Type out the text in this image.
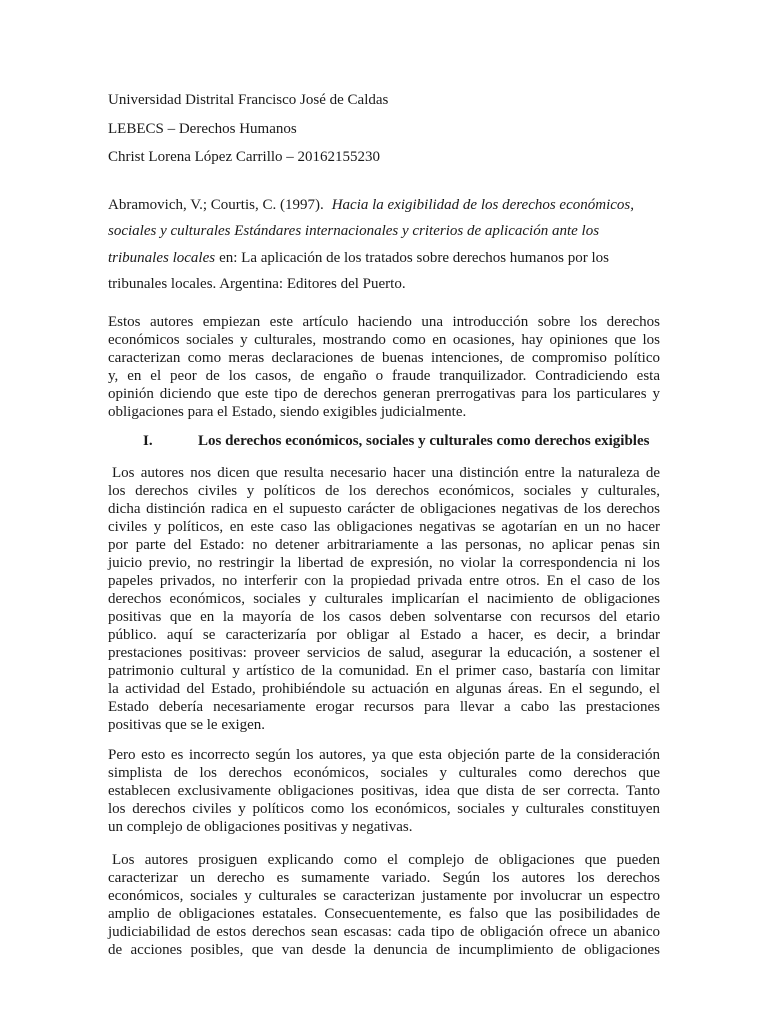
Universidad Distrital Francisco José de Caldas
LEBECS – Derechos Humanos
Christ Lorena López Carrillo – 20162155230
Abramovich, V.; Courtis, C. (1997). Hacia la exigibilidad de los derechos económicos,
sociales y culturales Estándares internacionales y criterios de aplicación ante los
tribunales locales en: La aplicación de los tratados sobre derechos humanos por los
tribunales locales. Argentina: Editores del Puerto.
Estos autores empiezan este artículo haciendo una introducción sobre los derechos
económicos sociales y culturales, mostrando como en ocasiones, hay opiniones que los
caracterizan como meras declaraciones de buenas intenciones, de compromiso político
y, en el peor de los casos, de engaño o fraude tranquilizador. Contradiciendo esta
opinión diciendo que este tipo de derechos generan prerrogativas para los particulares y
obligaciones para el Estado, siendo exigibles judicialmente.
I.	Los derechos económicos, sociales y culturales como derechos exigibles
Los autores nos dicen que resulta necesario hacer una distinción entre la naturaleza de
los derechos civiles y políticos de los derechos económicos, sociales y culturales,
dicha distinción radica en el supuesto carácter de obligaciones negativas de los derechos
civiles y políticos, en este caso las obligaciones negativas se agotarían en un no hacer
por parte del Estado: no detener arbitrariamente a las personas, no aplicar penas sin
juicio previo, no restringir la libertad de expresión, no violar la correspondencia ni los
papeles privados, no interferir con la propiedad privada entre otros. En el caso de los
derechos económicos, sociales y culturales implicarían el nacimiento de obligaciones
positivas que en la mayoría de los casos deben solventarse con recursos del etario
público. aquí se caracterizaría por obligar al Estado a hacer, es decir, a brindar
prestaciones positivas: proveer servicios de salud, asegurar la educación, a sostener el
patrimonio cultural y artístico de la comunidad. En el primer caso, bastaría con limitar
la actividad del Estado, prohibiéndole su actuación en algunas áreas. En el segundo, el
Estado debería necesariamente erogar recursos para llevar a cabo las prestaciones
positivas que se le exigen.
Pero esto es incorrecto según los autores, ya que esta objeción parte de la consideración
simplista de los derechos económicos, sociales y culturales como derechos que
establecen exclusivamente obligaciones positivas, idea que dista de ser correcta. Tanto
los derechos civiles y políticos como los económicos, sociales y culturales constituyen
un complejo de obligaciones positivas y negativas.
Los autores prosiguen explicando como el complejo de obligaciones que pueden
caracterizar un derecho es sumamente variado. Según los autores los derechos
económicos, sociales y culturales se caracterizan justamente por involucrar un espectro
amplio de obligaciones estatales. Consecuentemente, es falso que las posibilidades de
judiciabilidad de estos derechos sean escasas: cada tipo de obligación ofrece un abanico
de acciones posibles, que van desde la denuncia de incumplimiento de obligaciones
